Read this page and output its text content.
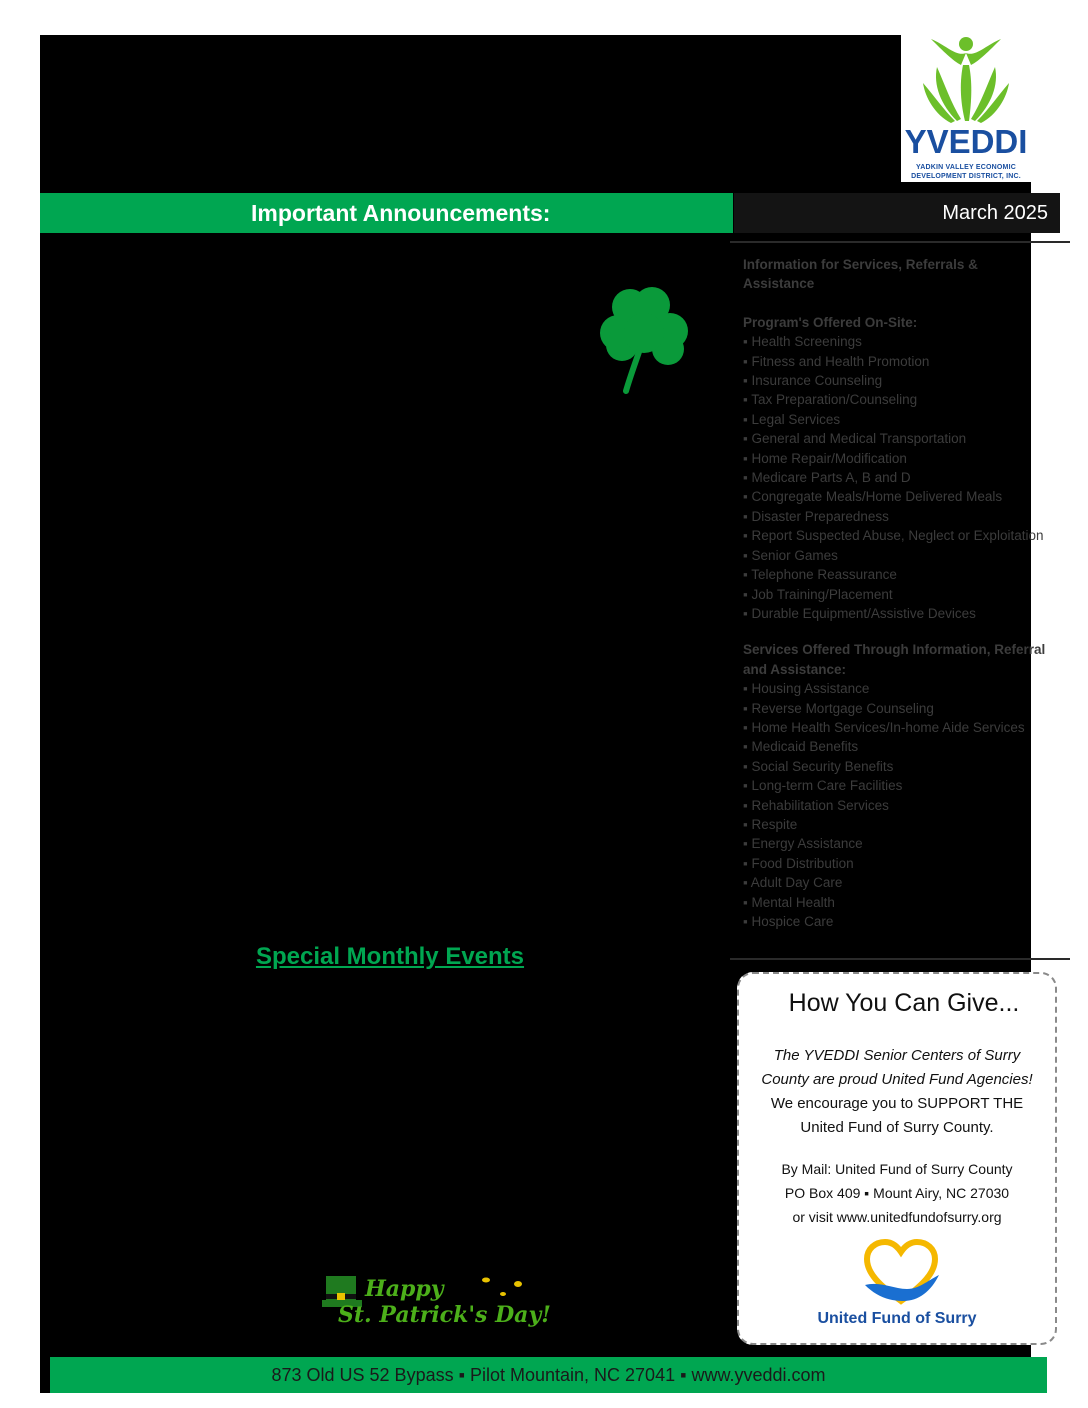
YVEDDI
YADKIN VALLEY ECONOMIC
DEVELOPMENT DISTRICT, INC.
Important Announcements:	March 2025
Information for Services, Referrals &
Assistance
Program's Offered On-Site:
▪ Health Screenings
▪ Fitness and Health Promotion
▪ Insurance Counseling
▪ Tax Preparation/Counseling
▪ Legal Services
▪ General and Medical Transportation
▪ Home Repair/Modification
▪ Medicare Parts A, B and D
▪ Congregate Meals/Home Delivered Meals
▪ Disaster Preparedness
▪ Report Suspected Abuse, Neglect or Exploitation
▪ Senior Games
▪ Telephone Reassurance
▪ Job Training/Placement
▪ Durable Equipment/Assistive Devices
Services Offered Through Information, Referral
and Assistance:
▪ Housing Assistance
▪ Reverse Mortgage Counseling
▪ Home Health Services/In-home Aide Services
▪ Medicaid Benefits
▪ Social Security Benefits
▪ Long-term Care Facilities
▪ Rehabilitation Services
▪ Respite
▪ Energy Assistance
▪ Food Distribution
▪ Adult Day Care
▪ Mental Health
▪ Hospice Care
Special Monthly Events
How You Can Give...
The YVEDDI Senior Centers of Surry
County are proud United Fund Agencies!
We encourage you to SUPPORT THE
United Fund of Surry County.
By Mail: United Fund of Surry County
PO Box 409 ▪ Mount Airy, NC 27030
or visit www.unitedfundofsurry.org
United Fund of Surry
Happy
St. Patrick's Day!
873 Old US 52 Bypass ▪ Pilot Mountain, NC 27041 ▪ www.yveddi.com
